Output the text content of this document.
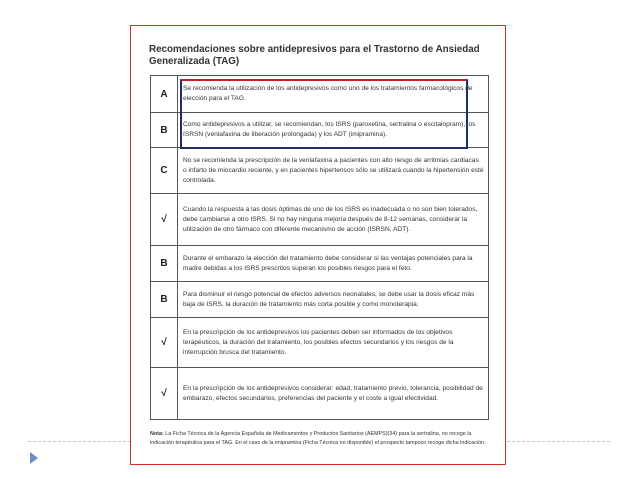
Recomendaciones sobre antidepresivos para el Trastorno de Ansiedad Generalizada (TAG)
A	Se recomienda la utilización de los antidepresivos como uno de los tratamientos farmacológicos de elección para el TAG.
B	Como antidepresivos a utilizar, se recomiendan, los ISRS (paroxetina, sertralina o escitalopram), los ISRSN (venlafaxina de liberación prolongada) y los ADT (imipramina).
C	No se recomienda la prescripción de la venlafaxina a pacientes con alto riesgo de arritmias cardiacas o infarto de miocardio reciente, y en pacientes hipertensos sólo se utilizará cuando la hipertensión esté controlada.
√	Cuando la respuesta a las dosis óptimas de uno de los ISRS es inadecuada o no son bien tolerados, debe cambiarse a otro ISRS. Si no hay ninguna mejoría después de 8-12 semanas, considerar la utilización de otro fármaco con diferente mecanismo de acción (ISRSN, ADT).
B	Durante el embarazo la elección del tratamiento debe considerar si las ventajas potenciales para la madre debidas a los ISRS prescritos superan los posibles riesgos para el feto.
B	Para disminuir el riesgo potencial de efectos adversos neonatales, se debe usar la dosis eficaz más baja de ISRS, la duración de tratamiento más corta posible y como monoterapia.
√	En la prescripción de los antidepresivos los pacientes deben ser informados de los objetivos terapéuticos, la duración del tratamiento, los posibles efectos secundarios y los riesgos de la interrupción brusca del tratamiento.
√	En la prescripción de los antidepresivos considerar: edad, tratamiento previo, tolerancia, posibilidad de embarazo, efectos secundarios, preferencias del paciente y el coste a igual efectividad.
Nota: La Ficha Técnica de la Agencia Española de Medicamentos y Productos Sanitarios (AEMPS)(34) para la sertralina, no recoge la indicación terapéutica para el TAG. En el caso de la imipramina (Ficha Técnica no disponible) el prospecto tampoco recoge dicha indicación.
